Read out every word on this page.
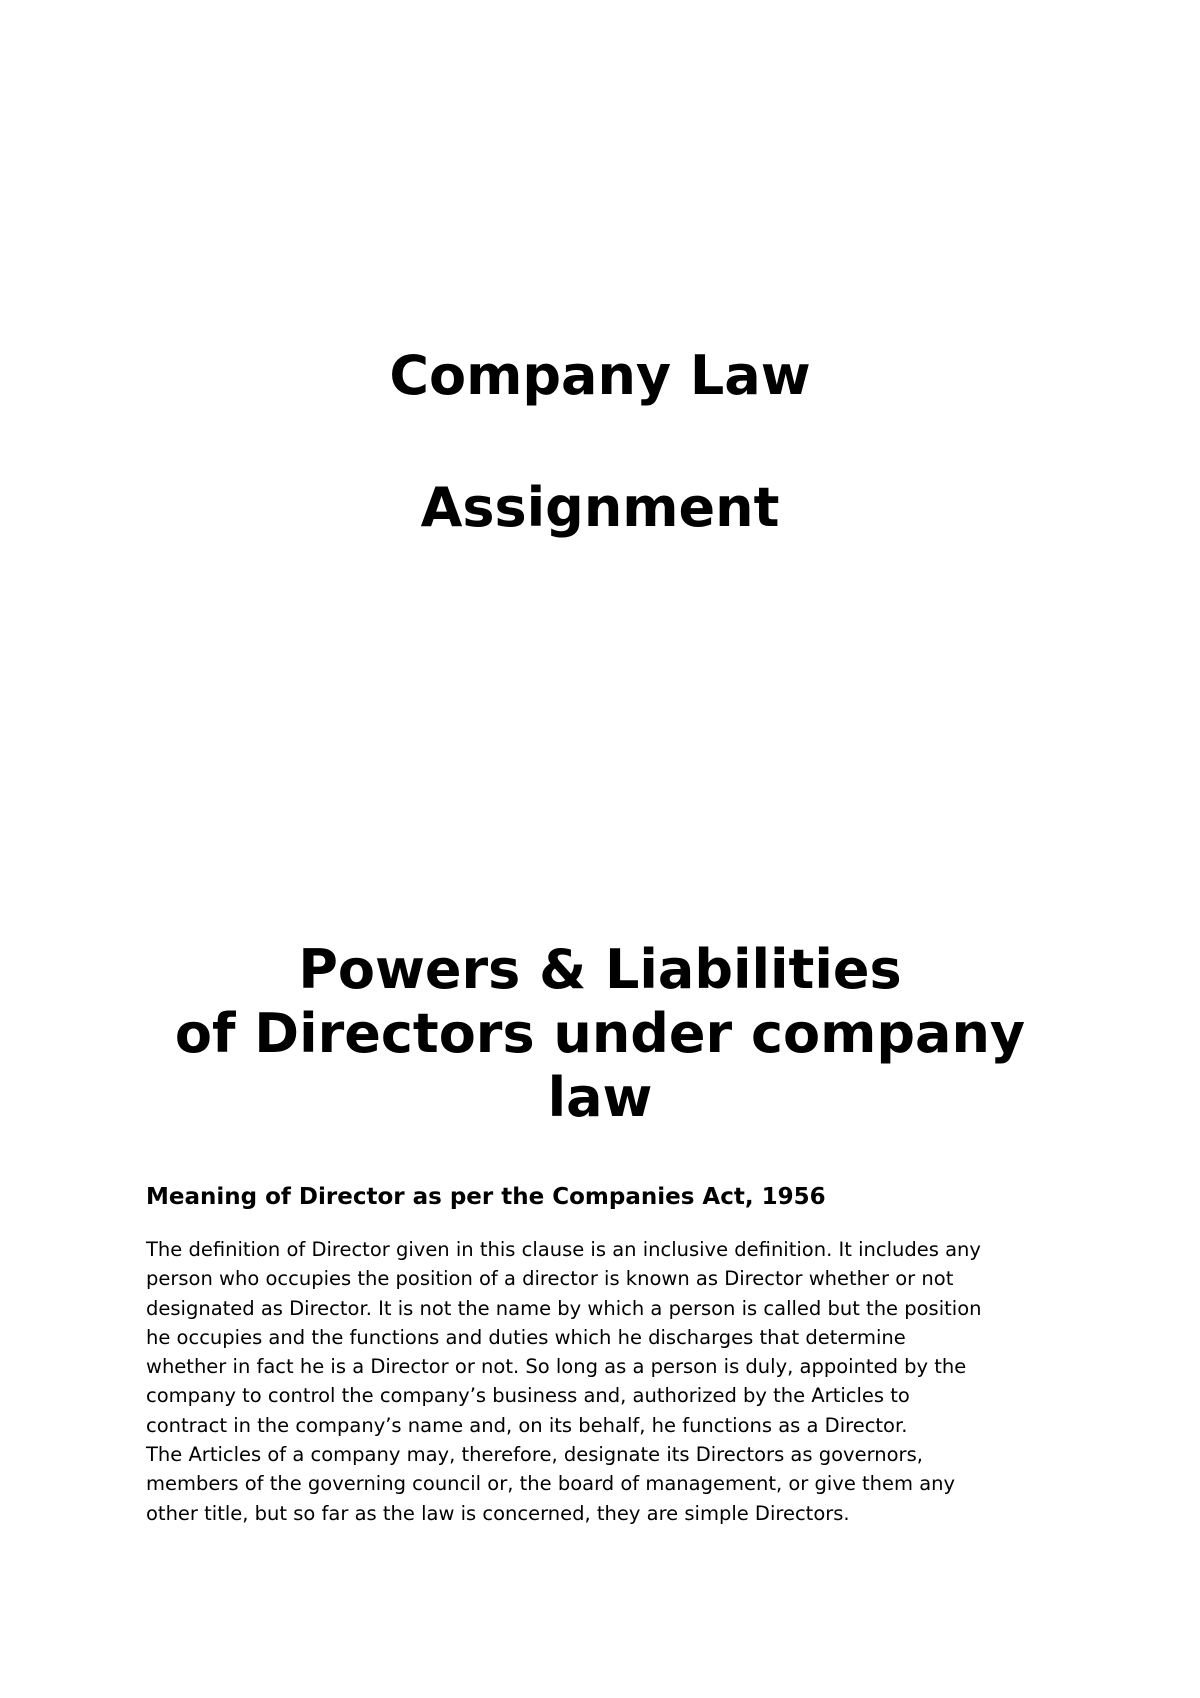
Company Law
Assignment
Powers & Liabilities
of Directors under company
law
Meaning of Director as per the Companies Act, 1956

The definition of Director given in this clause is an inclusive definition. It includes any
person who occupies the position of a director is known as Director whether or not
designated as Director. It is not the name by which a person is called but the position
he occupies and the functions and duties which he discharges that determine
whether in fact he is a Director or not. So long as a person is duly, appointed by the
company to control the company’s business and, authorized by the Articles to
contract in the company’s name and, on its behalf, he functions as a Director.
The Articles of a company may, therefore, designate its Directors as governors,
members of the governing council or, the board of management, or give them any
other title, but so far as the law is concerned, they are simple Directors.
